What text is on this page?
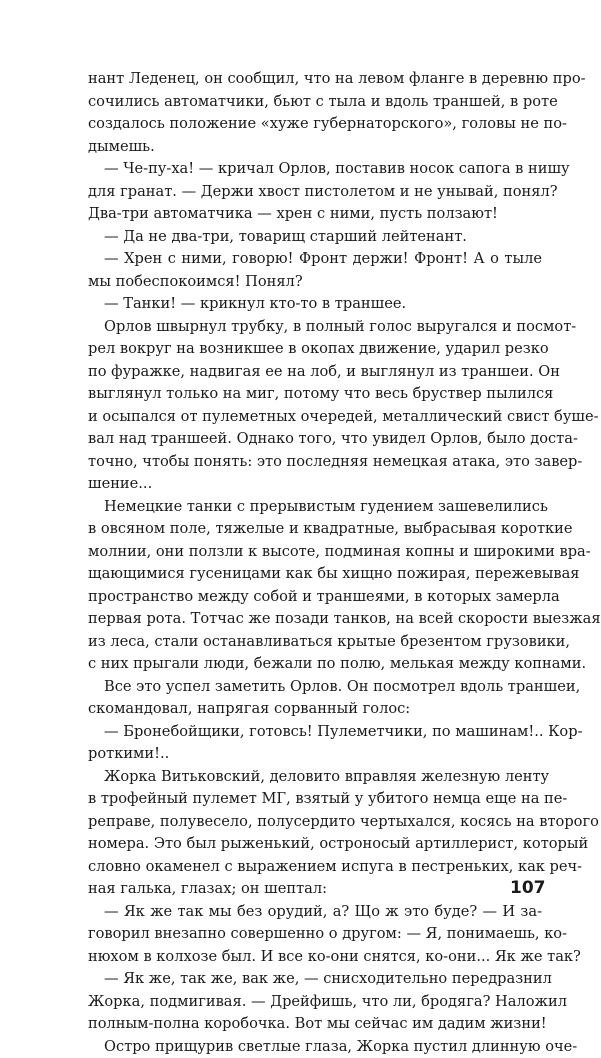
нант Леденец, он сообщил, что на левом фланге в деревню про-
сочились автоматчики, бьют с тыла и вдоль траншей, в роте
создалось положение «хуже губернаторского», головы не по-
дымешь.
— Че-пу-ха! — кричал Орлов, поставив носок сапога в нишу
для гранат. — Держи хвост пистолетом и не унывай, понял?
Два-три автоматчика — хрен с ними, пусть ползают!
— Да не два-три, товарищ старший лейтенант.
— Хрен с ними, говорю! Фронт держи! Фронт! А о тыле
мы побеспокоимся! Понял?
— Танки! — крикнул кто-то в траншее.
Орлов швырнул трубку, в полный голос выругался и посмот-
рел вокруг на возникшее в окопах движение, ударил резко
по фуражке, надвигая ее на лоб, и выглянул из траншеи. Он
выглянул только на миг, потому что весь бруствер пылился
и осыпался от пулеметных очередей, металлический свист буше-
вал над траншеей. Однако того, что увидел Орлов, было доста-
точно, чтобы понять: это последняя немецкая атака, это завер-
шение...
Немецкие танки с прерывистым гудением зашевелились
в овсяном поле, тяжелые и квадратные, выбрасывая короткие
молнии, они ползли к высоте, подминая копны и широкими вра-
щающимися гусеницами как бы хищно пожирая, пережевывая
пространство между собой и траншеями, в которых замерла
первая рота. Тотчас же позади танков, на всей скорости выезжая
из леса, стали останавливаться крытые брезентом грузовики,
с них прыгали люди, бежали по полю, мелькая между копнами.
Все это успел заметить Орлов. Он посмотрел вдоль траншеи,
скомандовал, напрягая сорванный голос:
— Бронебойщики, готовсь! Пулеметчики, по машинам!.. Кор-
роткими!..
Жорка Витьковский, деловито вправляя железную ленту
в трофейный пулемет МГ, взятый у убитого немца еще на пе-
реправе, полувесело, полусердито чертыхался, косясь на второго
номера. Это был рыженький, остроносый артиллерист, который
словно окаменел с выражением испуга в пестреньких, как реч-
ная галька, глазах; он шептал:
— Як же так мы без орудий, а? Що ж это буде? — И за-
говорил внезапно совершенно о другом: — Я, понимаешь, ко-
нюхом в колхозе был. И все ко-они снятся, ко-они... Як же так?
— Як же, так же, вак же, — снисходительно передразнил
Жорка, подмигивая. — Дрейфишь, что ли, бродяга? Наложил
полным-полна коробочка. Вот мы сейчас им дадим жизни!
Остро прищурив светлые глаза, Жорка пустил длинную оче-
107
